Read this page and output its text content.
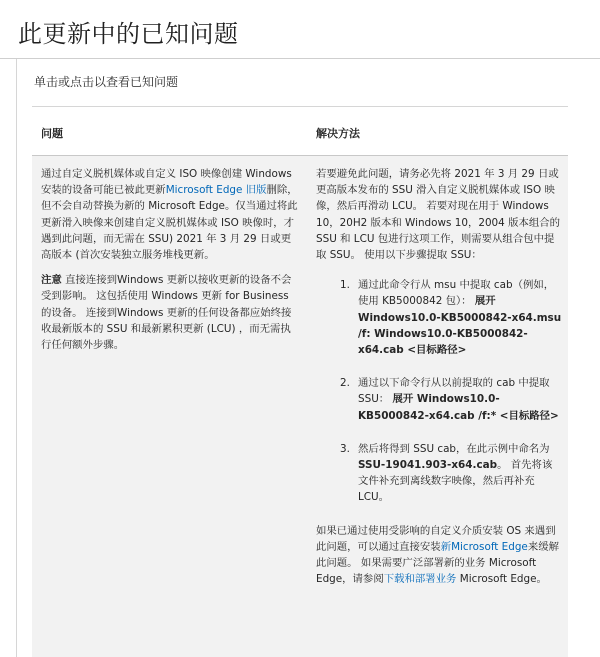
此更新中的已知问题
单击或点击以查看已知问题
问题	解决方法

通过自定义脱机媒体或自定义 ISO 映像创建 Windows 安装的设备可能已被此更新Microsoft Edge 旧版删除，但不会自动替换为新的 Microsoft Edge。仅当通过将此更新滑入映像来创建自定义脱机媒体或 ISO 映像时，才遇到此问题，而无需在 SSU) 2021 年 3 月 29 日或更高版本 (首次安装独立服务堆栈更新。

注意 直接连接到Windows 更新以接收更新的设备不会受到影响。 这包括使用 Windows 更新 for Business 的设备。 连接到Windows 更新的任何设备都应始终接收最新版本的 SSU 和最新累积更新 (LCU) ，而无需执行任何额外步骤。

若要避免此问题，请务必先将 2021 年 3 月 29 日或更高版本发布的 SSU 滑入自定义脱机媒体或 ISO 映像，然后再滑动 LCU。 若要对现在用于 Windows 10，20H2 版本和 Windows 10，2004 版本组合的 SSU 和 LCU 包进行这项工作，则需要从组合包中提取 SSU。 使用以下步骤提取 SSU：

1. 通过此命令行从 msu 中提取 cab（例如，使用 KB5000842 包）： 展开 Windows10.0-KB5000842-x64.msu /f: Windows10.0-KB5000842-x64.cab <目标路径>
2. 通过以下命令行从以前提取的 cab 中提取 SSU： 展开 Windows10.0-KB5000842-x64.cab /f:* <目标路径>
3. 然后将得到 SSU cab，在此示例中命名为 SSU-19041.903-x64.cab。 首先将该文件补充到离线数字映像，然后再补充 LCU。

如果已通过使用受影响的自定义介质安装 OS 来遇到此问题，可以通过直接安装新Microsoft Edge来缓解此问题。 如果需要广泛部署新的业务 Microsoft Edge，请参阅下载和部署业务 Microsoft Edge。
